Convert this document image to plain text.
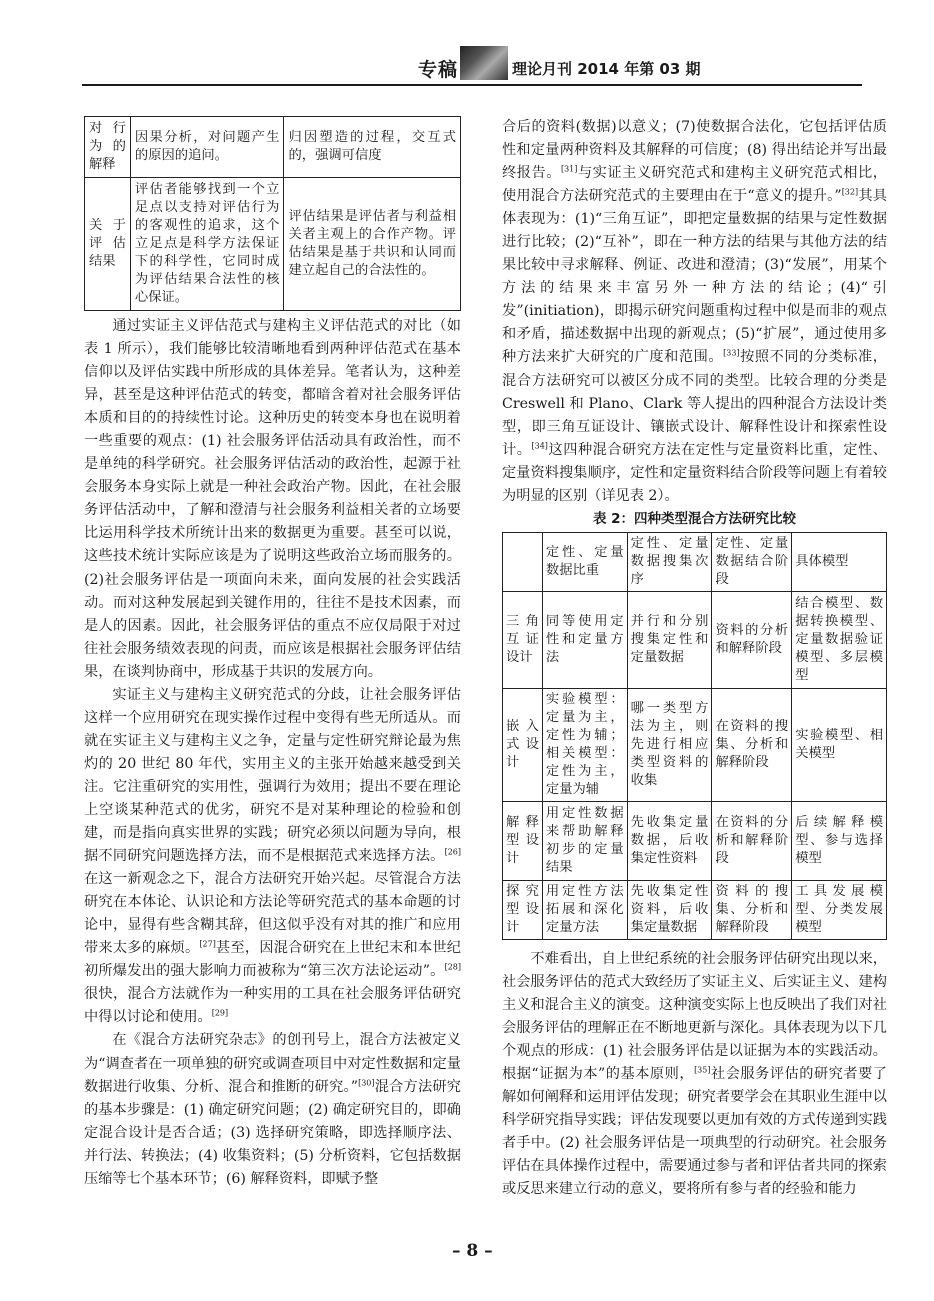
专稿	理论月刊 2014 年第 03 期
对行为的解释	因果分析，对问题产生的原因的追问。	归因塑造的过程，交互式的，强调可信度
关于评估结果	评估者能够找到一个立足点以支持对评估行为的客观性的追求，这个立足点是科学方法保证下的科学性，它同时成为评估结果合法性的核心保证。	评估结果是评估者与利益相关者主观上的合作产物。评估结果是基于共识和认同而建立起自己的合法性的。

通过实证主义评估范式与建构主义评估范式的对比（如表 1 所示），我们能够比较清晰地看到两种评估范式在基本信仰以及评估实践中所形成的具体差异。笔者认为，这种差异，甚至是这种评估范式的转变，都暗含着对社会服务评估本质和目的的持续性讨论。这种历史的转变本身也在说明着一些重要的观点：(1) 社会服务评估活动具有政治性，而不是单纯的科学研究。社会服务评估活动的政治性，起源于社会服务本身实际上就是一种社会政治产物。因此，在社会服务评估活动中，了解和澄清与社会服务利益相关者的立场要比运用科学技术所统计出来的数据更为重要。甚至可以说，这些技术统计实际应该是为了说明这些政治立场而服务的。(2)社会服务评估是一项面向未来，面向发展的社会实践活动。而对这种发展起到关键作用的，往往不是技术因素，而是人的因素。因此，社会服务评估的重点不应仅局限于对过往社会服务绩效表现的问责，而应该是根据社会服务评估结果，在谈判协商中，形成基于共识的发展方向。

实证主义与建构主义研究范式的分歧，让社会服务评估这样一个应用研究在现实操作过程中变得有些无所适从。而就在实证主义与建构主义之争，定量与定性研究辩论最为焦灼的 20 世纪 80 年代，实用主义的主张开始越来越受到关注。它注重研究的实用性，强调行为效用；提出不要在理论上空谈某种范式的优劣，研究不是对某种理论的检验和创建，而是指向真实世界的实践；研究必须以问题为导向，根据不同研究问题选择方法，而不是根据范式来选择方法。[26]在这一新观念之下，混合方法研究开始兴起。尽管混合方法研究在本体论、认识论和方法论等研究范式的基本命题的讨论中，显得有些含糊其辞，但这似乎没有对其的推广和应用带来太多的麻烦。[27]甚至，因混合研究在上世纪末和本世纪初所爆发出的强大影响力而被称为“第三次方法论运动”。[28]很快，混合方法就作为一种实用的工具在社会服务评估研究中得以讨论和使用。[29]

在《混合方法研究杂志》的创刊号上，混合方法被定义为“调查者在一项单独的研究或调查项目中对定性数据和定量数据进行收集、分析、混合和推断的研究。”[30]混合方法研究的基本步骤是：(1) 确定研究问题；(2) 确定研究目的，即确定混合设计是否合适；(3) 选择研究策略，即选择顺序法、并行法、转换法；(4) 收集资料；(5) 分析资料，它包括数据压缩等七个基本环节；(6) 解释资料，即赋予整

合后的资料(数据)以意义；(7)使数据合法化，它包括评估质性和定量两种资料及其解释的可信度；(8) 得出结论并写出最终报告。[31]与实证主义研究范式和建构主义研究范式相比，使用混合方法研究范式的主要理由在于“意义的提升。”[32]其具体表现为：(1)“三角互证”，即把定量数据的结果与定性数据进行比较；(2)“互补”，即在一种方法的结果与其他方法的结果比较中寻求解释、例证、改进和澄清；(3)“发展”，用某个方法的结果来丰富另外一种方法的结论；(4)“引发”(initiation)，即揭示研究问题重构过程中似是而非的观点和矛盾，描述数据中出现的新观点；(5)“扩展”，通过使用多种方法来扩大研究的广度和范围。[33]按照不同的分类标准，混合方法研究可以被区分成不同的类型。比较合理的分类是 Creswell 和 Plano、Clark 等人提出的四种混合方法设计类型，即三角互证设计、镶嵌式设计、解释性设计和探索性设计。[34]这四种混合研究方法在定性与定量资料比重，定性、定量资料搜集顺序，定性和定量资料结合阶段等问题上有着较为明显的区别（详见表 2）。

表 2：四种类型混合方法研究比较
	定性、定量数据比重	定性、定量数据搜集次序	定性、定量数据结合阶段	具体模型
三角互证设计	同等使用定性和定量方法	并行和分别搜集定性和定量数据	资料的分析和解释阶段	结合模型、数据转换模型、定量数据验证模型、多层模型
嵌入式设计	实验模型：定量为主，定性为辅；相关模型：定性为主，定量为辅	哪一类型方法为主，则先进行相应类型资料的收集	在资料的搜集、分析和解释阶段	实验模型、相关模型
解释型设计	用定性数据来帮助解释初步的定量结果	先收集定量数据，后收集定性资料	在资料的分析和解释阶段	后续解释模型、参与选择模型
探究型设计	用定性方法拓展和深化定量方法	先收集定性资料，后收集定量数据	资料的搜集、分析和解释阶段	工具发展模型、分类发展模型

不难看出，自上世纪系统的社会服务评估研究出现以来，社会服务评估的范式大致经历了实证主义、后实证主义、建构主义和混合主义的演变。这种演变实际上也反映出了我们对社会服务评估的理解正在不断地更新与深化。具体表现为以下几个观点的形成：(1) 社会服务评估是以证据为本的实践活动。根据“证据为本”的基本原则，[35]社会服务评估的研究者要了解如何阐释和运用评估发现；研究者要学会在其职业生涯中以科学研究指导实践；评估发现要以更加有效的方式传递到实践者手中。(2) 社会服务评估是一项典型的行动研究。社会服务评估在具体操作过程中，需要通过参与者和评估者共同的探索或反思来建立行动的意义，要将所有参与者的经验和能力

– 8 –
